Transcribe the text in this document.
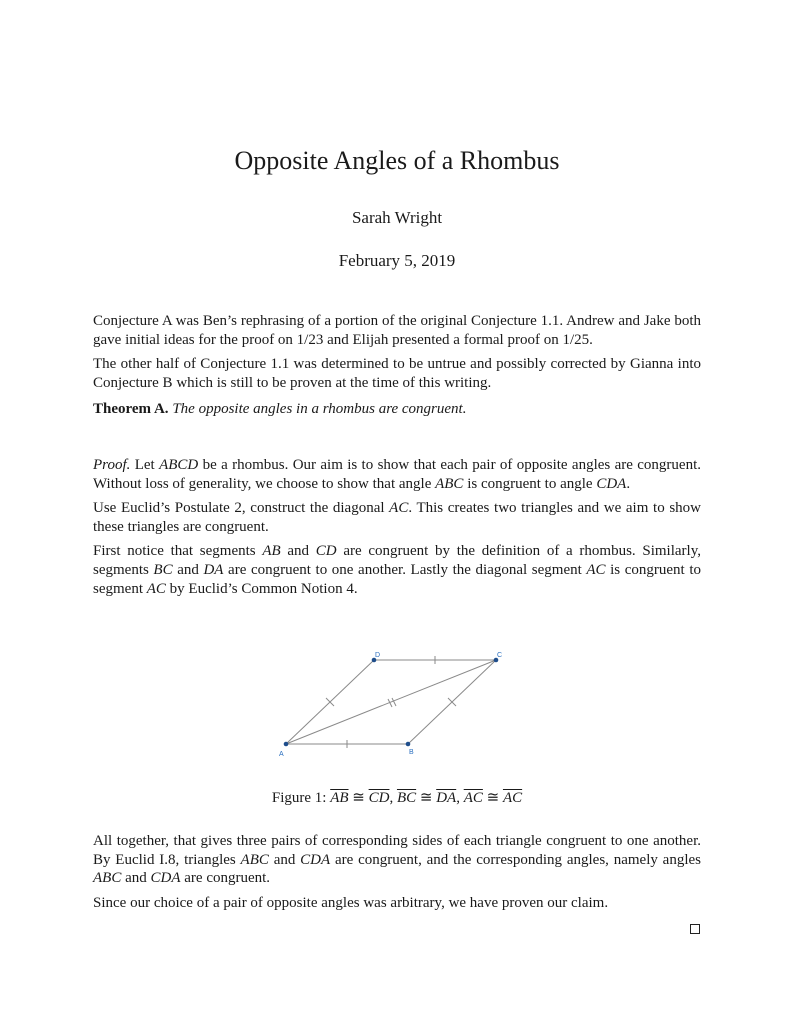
Opposite Angles of a Rhombus
Sarah Wright
February 5, 2019

Conjecture A was Ben’s rephrasing of a portion of the original Conjecture 1.1. Andrew and Jake both gave initial ideas for the proof on 1/23 and Elijah presented a formal proof on 1/25.

The other half of Conjecture 1.1 was determined to be untrue and possibly corrected by Gianna into Conjecture B which is still to be proven at the time of this writing.

Theorem A. The opposite angles in a rhombus are congruent.

Proof. Let ABCD be a rhombus. Our aim is to show that each pair of opposite angles are congruent. Without loss of generality, we choose to show that angle ABC is congruent to angle CDA.

Use Euclid’s Postulate 2, construct the diagonal AC. This creates two triangles and we aim to show these triangles are congruent.

First notice that segments AB and CD are congruent by the definition of a rhombus. Similarly, segments BC and DA are congruent to one another. Lastly the diagonal segment AC is congruent to segment AC by Euclid’s Common Notion 4.

A	B
C
D
Figure 1: $\overline{AB}$ ≅ $\overline{CD}$, $\overline{BC}$ ≅ $\overline{DA}$, $\overline{AC}$ ≅ $\overline{AC}$

All together, that gives three pairs of corresponding sides of each triangle congruent to one another. By Euclid I.8, triangles ABC and CDA are congruent, and the corresponding angles, namely angles ABC and CDA are congruent.

Since our choice of a pair of opposite angles was arbitrary, we have proven our claim.
